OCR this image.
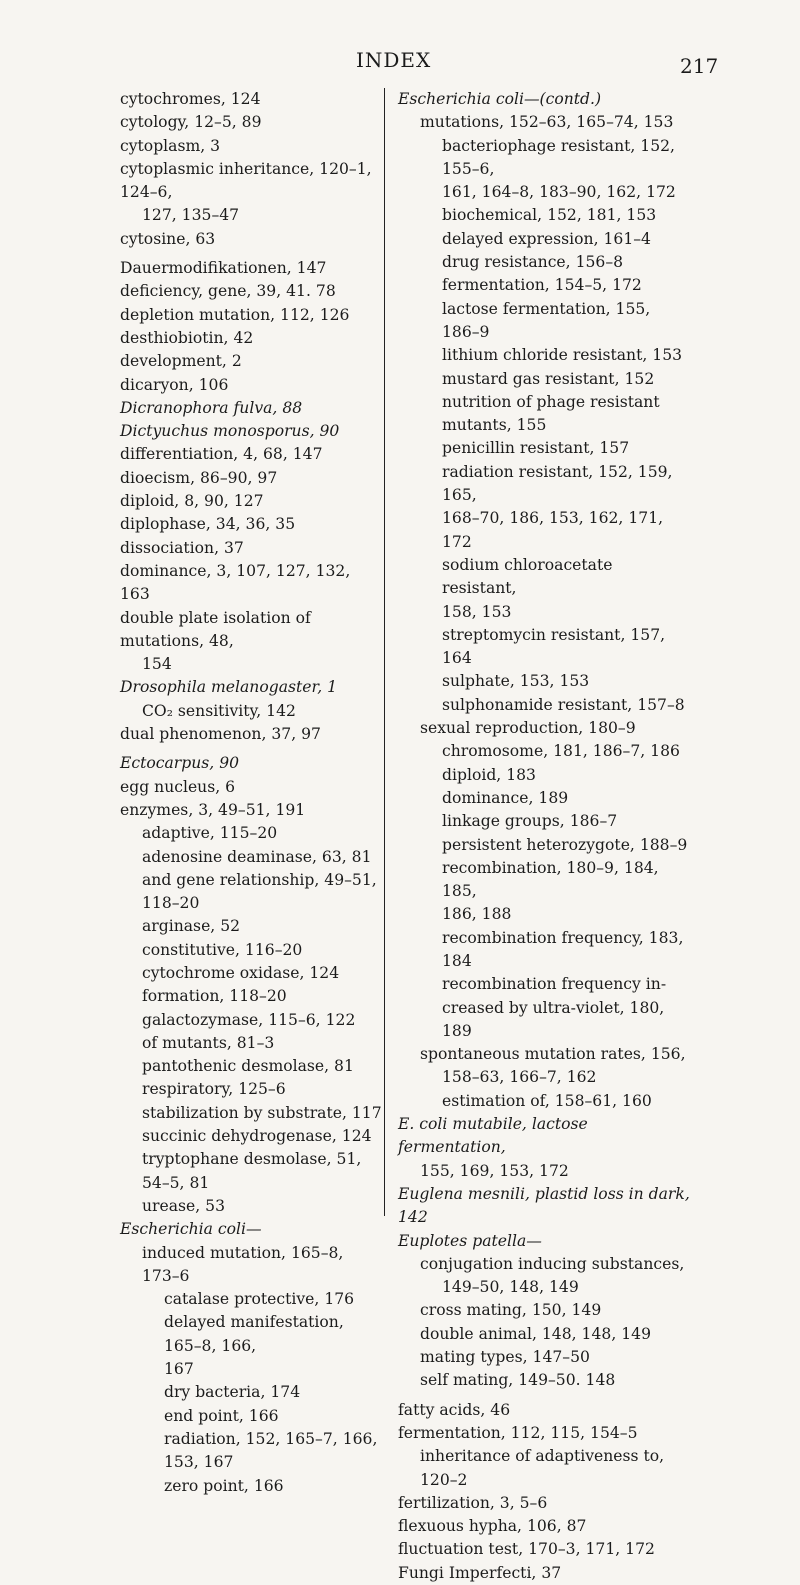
INDEX	217
cytochromes, 124
cytology, 12–5, 89
cytoplasm, 3
cytoplasmic inheritance, 120–1, 124–6,
127, 135–47
cytosine, 63
Dauermodifikationen, 147
deficiency, gene, 39, 41. 78
depletion mutation, 112, 126
desthiobiotin, 42
development, 2
dicaryon, 106
Dicranophora fulva, 88
Dictyuchus monosporus, 90
differentiation, 4, 68, 147
dioecism, 86–90, 97
diploid, 8, 90, 127
diplophase, 34, 36, 35
dissociation, 37
dominance, 3, 107, 127, 132, 163
double plate isolation of mutations, 48,
154
Drosophila melanogaster, 1
CO₂ sensitivity, 142
dual phenomenon, 37, 97
Ectocarpus, 90
egg nucleus, 6
enzymes, 3, 49–51, 191
adaptive, 115–20
adenosine deaminase, 63, 81
and gene relationship, 49–51, 118–20
arginase, 52
constitutive, 116–20
cytochrome oxidase, 124
formation, 118–20
galactozymase, 115–6, 122
of mutants, 81–3
pantothenic desmolase, 81
respiratory, 125–6
stabilization by substrate, 117
succinic dehydrogenase, 124
tryptophane desmolase, 51, 54–5, 81
urease, 53
Escherichia coli—
induced mutation, 165–8, 173–6
catalase protective, 176
delayed manifestation, 165–8, 166,
167
dry bacteria, 174
end point, 166
radiation, 152, 165–7, 166, 153, 167
zero point, 166
Escherichia coli—(contd.)
mutations, 152–63, 165–74, 153
bacteriophage resistant, 152, 155–6,
161, 164–8, 183–90, 162, 172
biochemical, 152, 181, 153
delayed expression, 161–4
drug resistance, 156–8
fermentation, 154–5, 172
lactose fermentation, 155, 186–9
lithium chloride resistant, 153
mustard gas resistant, 152
nutrition of phage resistant
mutants, 155
penicillin resistant, 157
radiation resistant, 152, 159, 165,
168–70, 186, 153, 162, 171, 172
sodium chloroacetate resistant,
158, 153
streptomycin resistant, 157, 164
sulphate, 153, 153
sulphonamide resistant, 157–8
sexual reproduction, 180–9
chromosome, 181, 186–7, 186
diploid, 183
dominance, 189
linkage groups, 186–7
persistent heterozygote, 188–9
recombination, 180–9, 184, 185,
186, 188
recombination frequency, 183, 184
recombination frequency in-
creased by ultra-violet, 180, 189
spontaneous mutation rates, 156,
158–63, 166–7, 162
estimation of, 158–61, 160
E. coli mutabile, lactose fermentation,
155, 169, 153, 172
Euglena mesnili, plastid loss in dark, 142
Euplotes patella—
conjugation inducing substances,
149–50, 148, 149
cross mating, 150, 149
double animal, 148, 148, 149
mating types, 147–50
self mating, 149–50. 148
fatty acids, 46
fermentation, 112, 115, 154–5
inheritance of adaptiveness to, 120–2
fertilization, 3, 5–6
flexuous hypha, 106, 87
fluctuation test, 170–3, 171, 172
Fungi Imperfecti, 37
